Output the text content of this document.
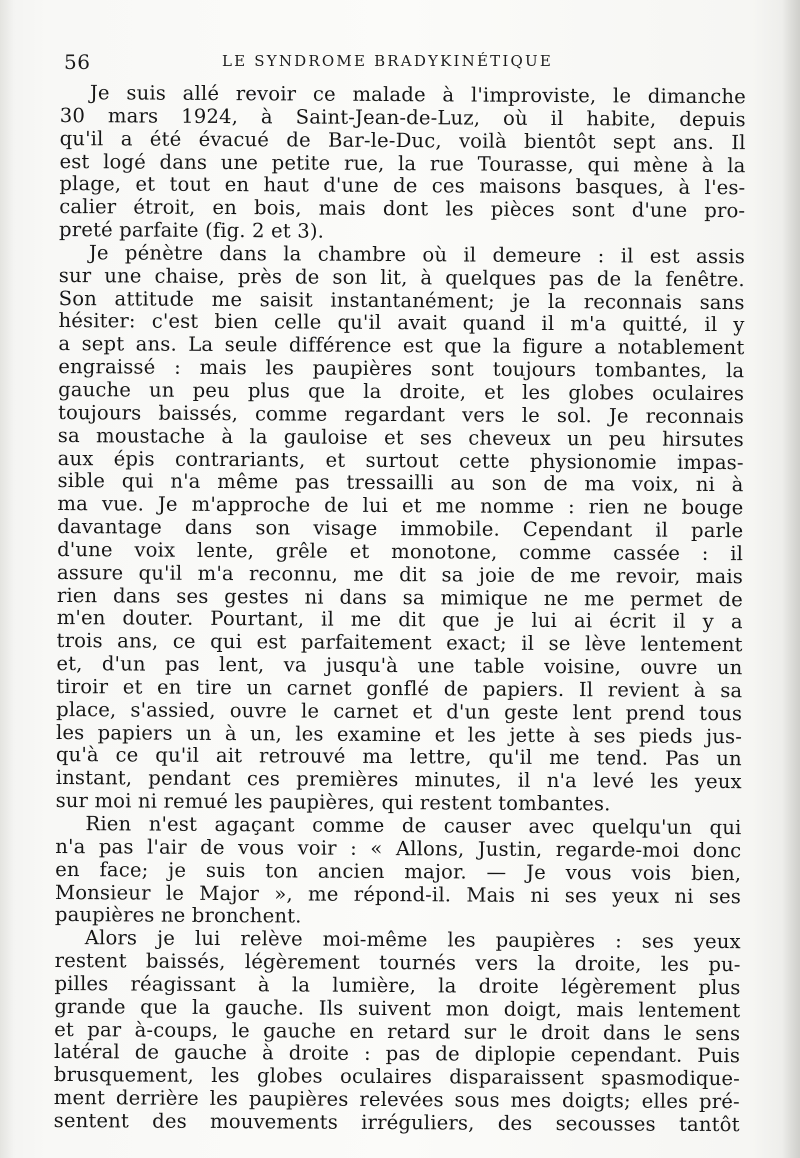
56	LE SYNDROME BRADYKINÉTIQUE
Je suis allé revoir ce malade à l'improviste, le dimanche
30 mars 1924, à Saint-Jean-de-Luz, où il habite, depuis
qu'il a été évacué de Bar-le-Duc, voilà bientôt sept ans. Il
est logé dans une petite rue, la rue Tourasse, qui mène à la
plage, et tout en haut d'une de ces maisons basques, à l'es-
calier étroit, en bois, mais dont les pièces sont d'une pro-
preté parfaite (fig. 2 et 3).
Je pénètre dans la chambre où il demeure : il est assis
sur une chaise, près de son lit, à quelques pas de la fenêtre.
Son attitude me saisit instantanément; je la reconnais sans
hésiter: c'est bien celle qu'il avait quand il m'a quitté, il y
a sept ans. La seule différence est que la figure a notablement
engraissé : mais les paupières sont toujours tombantes, la
gauche un peu plus que la droite, et les globes oculaires
toujours baissés, comme regardant vers le sol. Je reconnais
sa moustache à la gauloise et ses cheveux un peu hirsutes
aux épis contrariants, et surtout cette physionomie impas-
sible qui n'a même pas tressailli au son de ma voix, ni à
ma vue. Je m'approche de lui et me nomme : rien ne bouge
davantage dans son visage immobile. Cependant il parle
d'une voix lente, grêle et monotone, comme cassée : il
assure qu'il m'a reconnu, me dit sa joie de me revoir, mais
rien dans ses gestes ni dans sa mimique ne me permet de
m'en douter. Pourtant, il me dit que je lui ai écrit il y a
trois ans, ce qui est parfaitement exact; il se lève lentement
et, d'un pas lent, va jusqu'à une table voisine, ouvre un
tiroir et en tire un carnet gonflé de papiers. Il revient à sa
place, s'assied, ouvre le carnet et d'un geste lent prend tous
les papiers un à un, les examine et les jette à ses pieds jus-
qu'à ce qu'il ait retrouvé ma lettre, qu'il me tend. Pas un
instant, pendant ces premières minutes, il n'a levé les yeux
sur moi ni remué les paupières, qui restent tombantes.
Rien n'est agaçant comme de causer avec quelqu'un qui
n'a pas l'air de vous voir : « Allons, Justin, regarde-moi donc
en face; je suis ton ancien major. — Je vous vois bien,
Monsieur le Major », me répond-il. Mais ni ses yeux ni ses
paupières ne bronchent.
Alors je lui relève moi-même les paupières : ses yeux
restent baissés, légèrement tournés vers la droite, les pu-
pilles réagissant à la lumière, la droite légèrement plus
grande que la gauche. Ils suivent mon doigt, mais lentement
et par à-coups, le gauche en retard sur le droit dans le sens
latéral de gauche à droite : pas de diplopie cependant. Puis
brusquement, les globes oculaires disparaissent spasmodique-
ment derrière les paupières relevées sous mes doigts; elles pré-
sentent des mouvements irréguliers, des secousses tantôt
